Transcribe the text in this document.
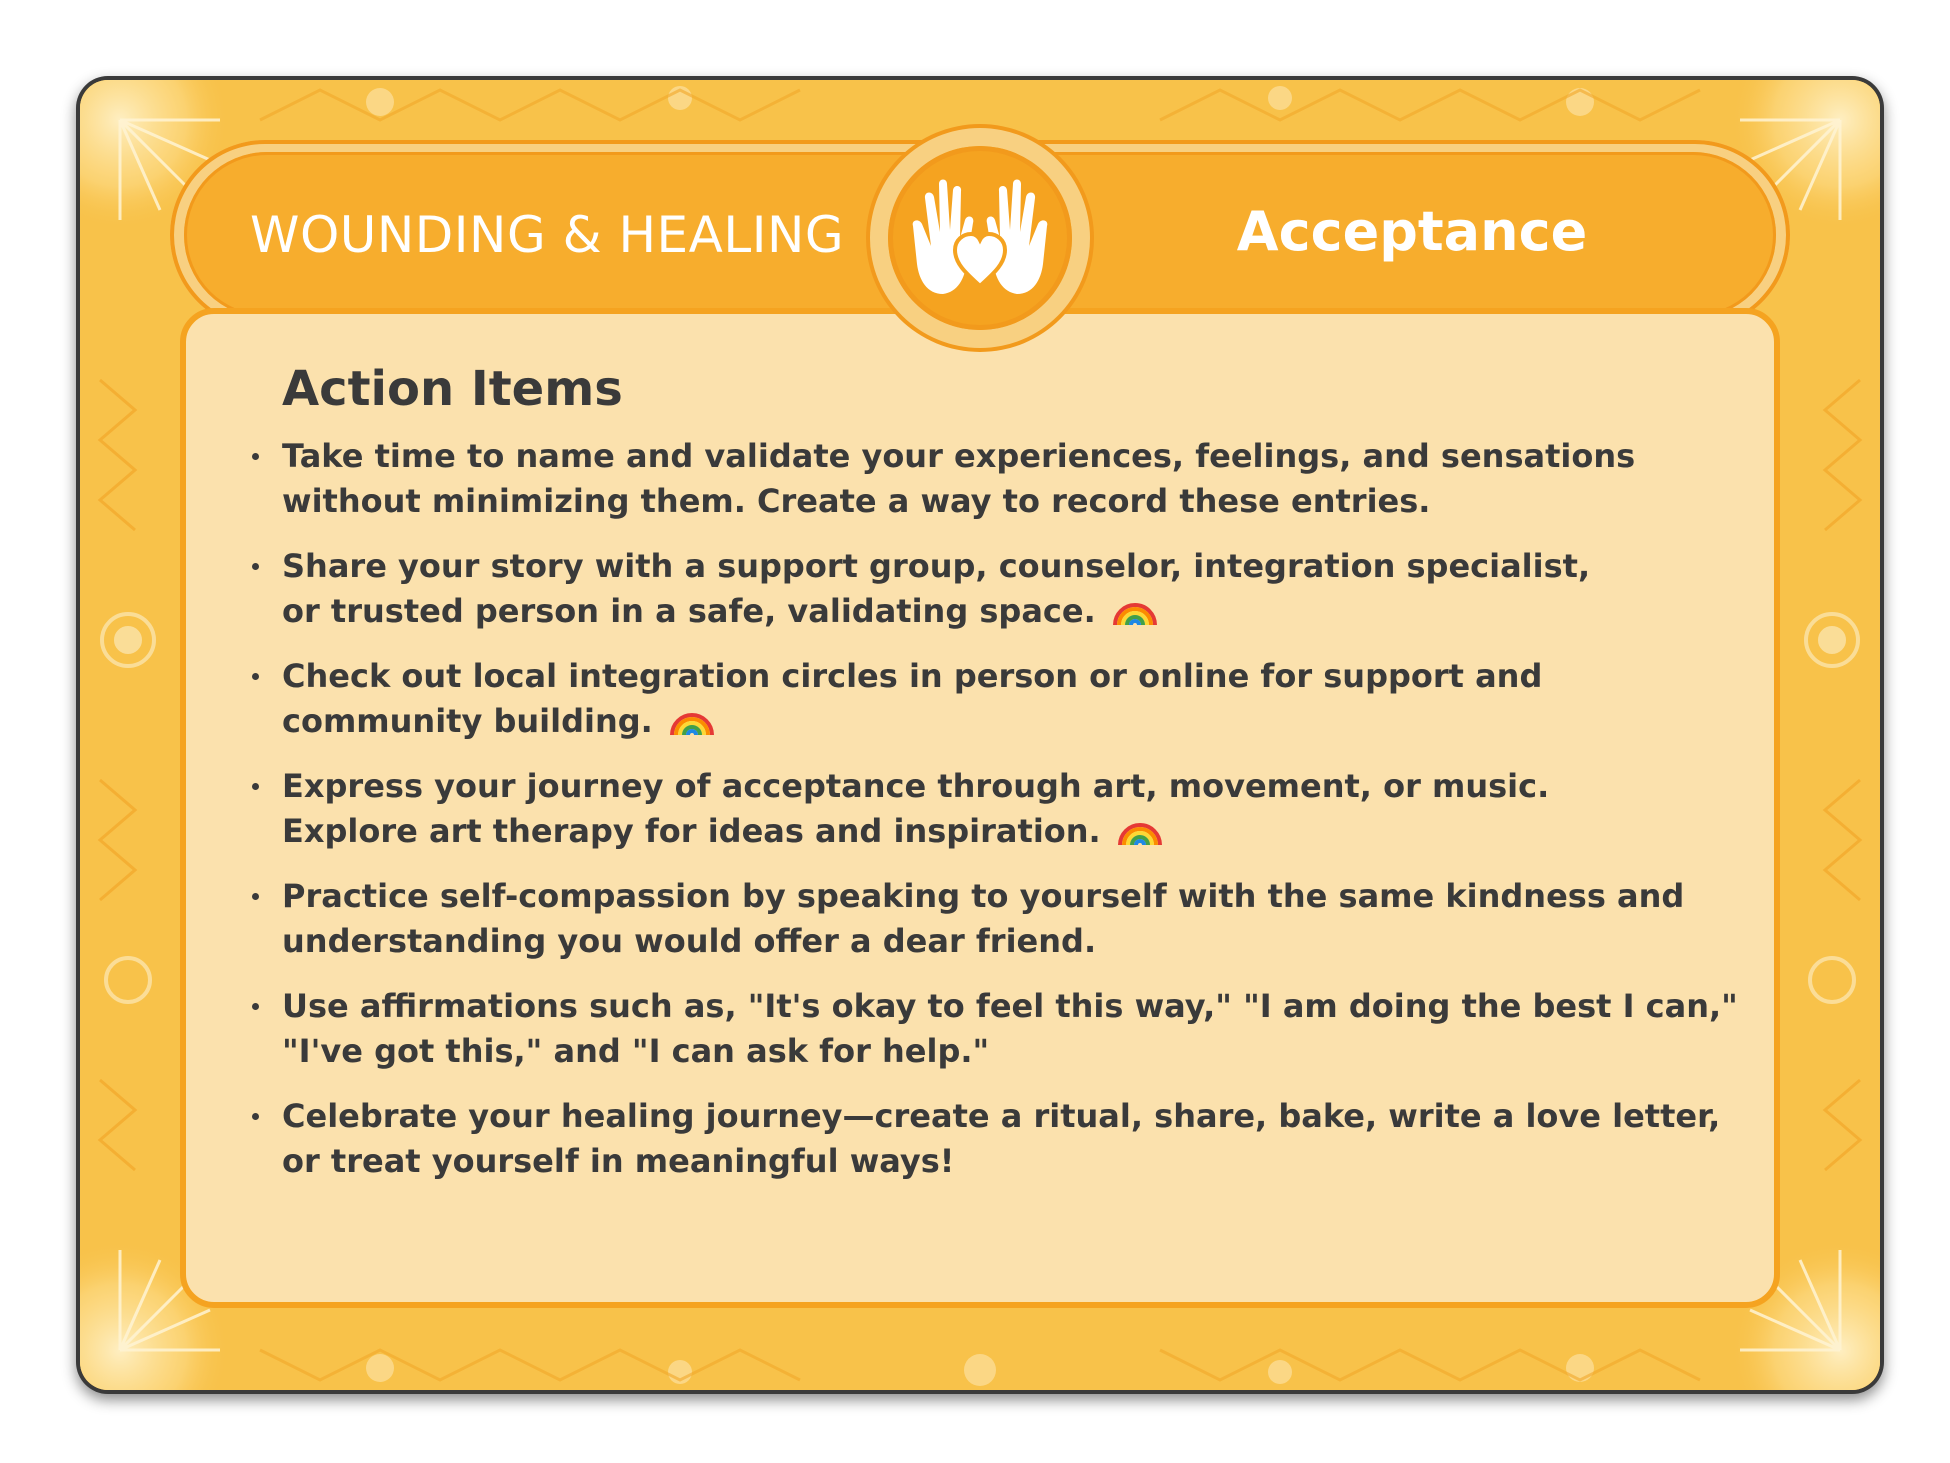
WOUNDING & HEALING	Acceptance
Action Items
Take time to name and validate your experiences, feelings, and sensations
without minimizing them. Create a way to record these entries.
Share your story with a support group, counselor, integration specialist,
or trusted person in a safe, validating space.
Check out local integration circles in person or online for support and
community building.
Express your journey of acceptance through art, movement, or music.
Explore art therapy for ideas and inspiration.
Practice self-compassion by speaking to yourself with the same kindness and
understanding you would offer a dear friend.
Use affirmations such as, "It's okay to feel this way," "I am doing the best I can,"
"I've got this," and "I can ask for help."
Celebrate your healing journey—create a ritual, share, bake, write a love letter,
or treat yourself in meaningful ways!
